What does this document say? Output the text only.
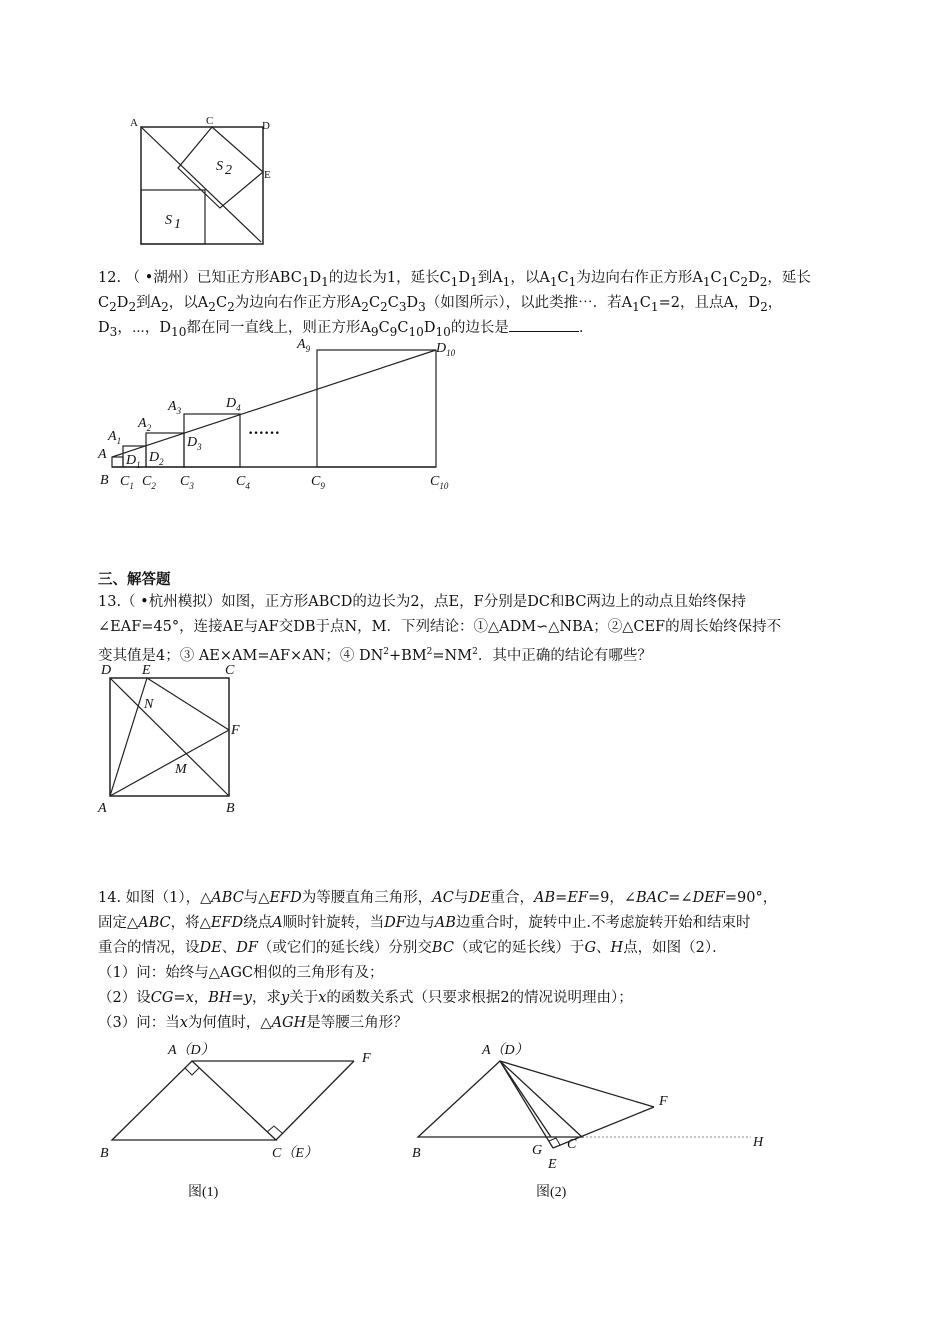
A	C	D
E
S 2
S 1
12. （ •湖州）已知正方形$ABC_1D_1$的边长为1，延长$C_1D_1$到$A_1$，以$A_1C_1$为边向右作正方形$A_1C_1C_2D_2$，延长
$C_2D_2$到$A_2$，以$A_2C_2$为边向右作正方形$A_2C_2C_3D_3$（如图所示），以此类推⋯．若$A_1C_1=2$，且点A，$D_2$，
$D_3$，⋯，$D_{10}$都在同一直线上，则正方形$A_9C_9C_{10}D_{10}$的边长是	．
······
A
B
$A_1$
$A_2$
$A_3$
$D_1$ $D_2$
$D_3$
$D_4$
$A_9$	$D_{10}$
$C_1$ $C_2$ $C_3$	$C_4$	$C_9$	$C_{10}$
三、解答题
13.（ •杭州模拟）如图，正方形ABCD的边长为2，点E，F分别是DC和BC两边上的动点且始终保持
∠EAF=45°，连接AE与AF交DB于点N，M．下列结论：①△ADM∽△NBA；②△CEF的周长始终保持不
变其值是4；③ AE×AM=AF×AN；④ $DN^2+BM^2=NM^2$．其中正确的结论有哪些？
D E	C
N
F
M
A	B
14. 如图（1），△ABC与△EFD为等腰直角三角形，AC与DE重合，AB=EF=9，∠BAC=∠DEF=90°，
固定△ABC，将△EFD绕点A顺时针旋转，当DF边与AB边重合时，旋转中止.不考虑旋转开始和结束时
重合的情况，设DE、DF（或它们的延长线）分别交BC（或它的延长线）于G、H点，如图（2）．
（1）问：始终与△AGC相似的三角形有及；
（2）设CG=x，BH=y，求y关于x的函数关系式（只要求根据2的情况说明理由）；
（3）问：当x为何值时，△AGH是等腰三角形？
A（D）
F
B	C（E）
图(1)
A（D）
F
B	G C
E
H
图(2)
